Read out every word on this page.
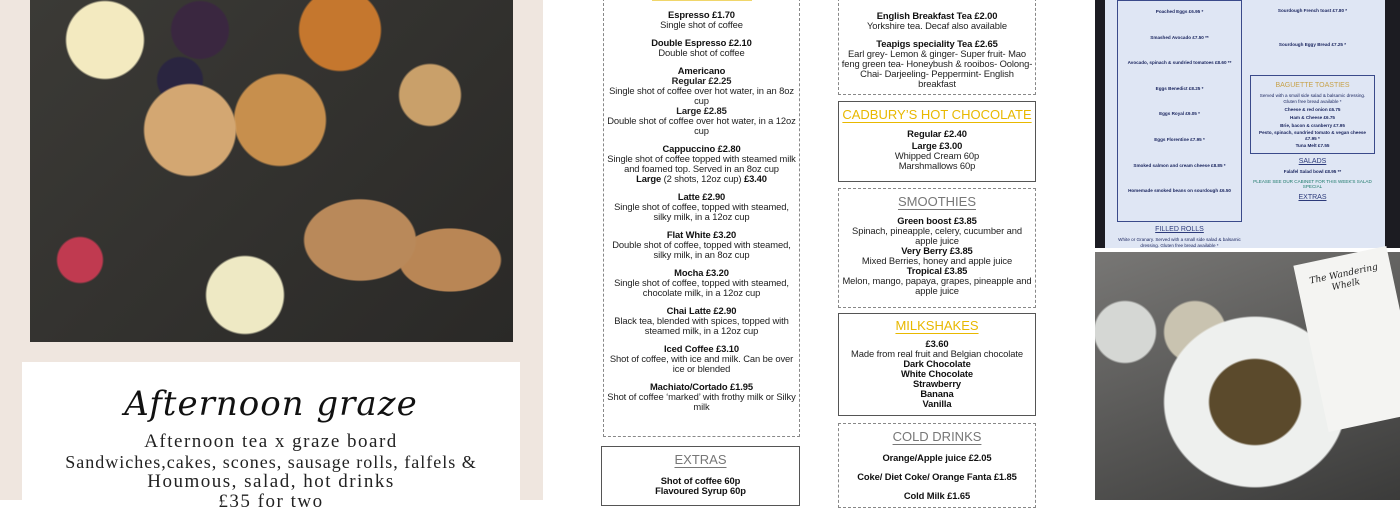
Afternoon graze
Afternoon tea x graze board
Sandwiches,cakes, scones, sausage rolls, falfels &
Houmous, salad, hot drinks
£35 for two
Espresso £1.70
Single shot of coffee
Double Espresso £2.10
Double shot of coffee
Americano
Regular £2.25
Single shot of coffee over hot water, in an 8oz cup
Large £2.85
Double shot of coffee over hot water, in a 12oz cup
Cappuccino £2.80
Single shot of coffee topped with steamed milk and foamed top. Served in an 8oz cup
Large (2 shots, 12oz cup) £3.40
Latte £2.90
Single shot of coffee, topped with steamed, silky milk, in a 12oz cup
Flat White £3.20
Double shot of coffee, topped with steamed, silky milk, in an 8oz cup
Mocha £3.20
Single shot of coffee, topped with steamed, chocolate milk, in a 12oz cup
Chai Latte £2.90
Black tea, blended with spices, topped with steamed milk, in a 12oz cup
Iced Coffee £3.10
Shot of coffee, with ice and milk. Can be over ice or blended
Machiato/Cortado £1.95
Shot of coffee ‘marked’ with frothy milk or Silky milk
EXTRAS
Shot of coffee 60p
Flavoured Syrup 60p
English Breakfast Tea £2.00
Yorkshire tea. Decaf also available
Teapigs speciality Tea £2.65
Earl grey- Lemon & ginger- Super fruit- Mao feng green tea- Honeybush & rooibos- Oolong- Chai- Darjeeling- Peppermint- English breakfast
CADBURY’S HOT CHOCOLATE
Regular £2.40
Large £3.00
Whipped Cream 60p
Marshmallows 60p
SMOOTHIES
Green boost £3.85
Spinach, pineapple, celery, cucumber and apple juice
Very Berry £3.85
Mixed Berries, honey and apple juice
Tropical £3.85
Melon, mango, papaya, grapes, pineapple and apple juice
MILKSHAKES
£3.60
Made from real fruit and Belgian chocolate
Dark Chocolate
White Chocolate
Strawberry
Banana
Vanilla
COLD DRINKS
Orange/Apple juice £2.05
Coke/ Diet Coke/ Orange Fanta £1.85
Cold Milk £1.65
Poached Eggs £6.95 *
Smashed Avocado £7.50 **
Avocado, spinach & sundried tomatoes £8.60 **
Eggs Benedict £8.25 *
Eggs Royal £9.05 *
Eggs Florentine £7.95 *
Smoked salmon and cream cheese £8.85 *
Homemade smoked beans on sourdough £6.50
FILLED ROLLS
White or Granary. Served with a small side salad & balsamic dressing. Gluten free bread available *
Sourdough French toast £7.80 *
Sourdough Eggy Bread £7.25 *
BAGUETTE TOASTIES
Served with a small side salad & balsamic dressing. Gluten free bread available *
Cheese & red onion £6.75
Ham & Cheese £6.75
Brie, bacon & cranberry £7.95
Pesto, spinach, sundried tomato & vegan cheese £7.95 *
Tuna Melt £7.55
SALADS
Falafel Salad bowl £8.95 **
PLEASE SEE OUR CABINET FOR THIS WEEK'S SALAD SPECIAL
EXTRAS
The Wandering Whelk
